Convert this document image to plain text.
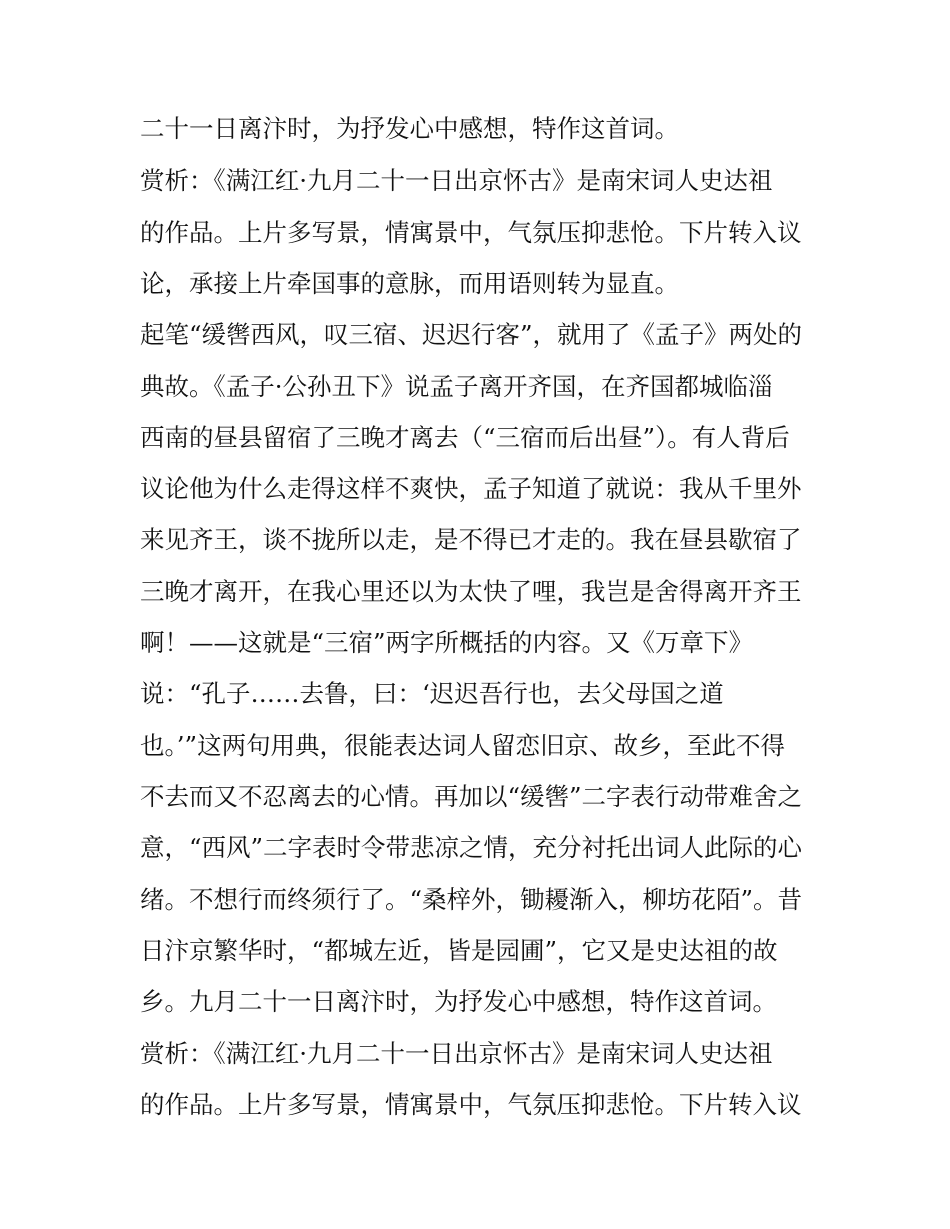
二十一日离汴时，为抒发心中感想，特作这首词。
赏析：《满江红·九月二十一日出京怀古》是南宋词人史达祖
的作品。上片多写景，情寓景中，气氛压抑悲怆。下片转入议
论，承接上片牵国事的意脉，而用语则转为显直。
起笔“缓辔西风，叹三宿、迟迟行客”，就用了《孟子》两处的
典故。《孟子·公孙丑下》说孟子离开齐国，在齐国都城临淄
西南的昼县留宿了三晚才离去（“三宿而后出昼”）。有人背后
议论他为什么走得这样不爽快，孟子知道了就说：我从千里外
来见齐王，谈不拢所以走，是不得已才走的。我在昼县歇宿了
三晚才离开，在我心里还以为太快了哩，我岂是舍得离开齐王
啊！——这就是“三宿”两字所概括的内容。又《万章下》
说：“孔子……去鲁，曰：‘迟迟吾行也，去父母国之道
也。’”这两句用典，很能表达词人留恋旧京、故乡，至此不得
不去而又不忍离去的心情。再加以“缓辔”二字表行动带难舍之
意，“西风”二字表时令带悲凉之情，充分衬托出词人此际的心
绪。不想行而终须行了。“桑梓外，锄耰渐入，柳坊花陌”。昔
日汴京繁华时，“都城左近，皆是园圃”，它又是史达祖的故
乡。九月二十一日离汴时，为抒发心中感想，特作这首词。
赏析：《满江红·九月二十一日出京怀古》是南宋词人史达祖
的作品。上片多写景，情寓景中，气氛压抑悲怆。下片转入议
